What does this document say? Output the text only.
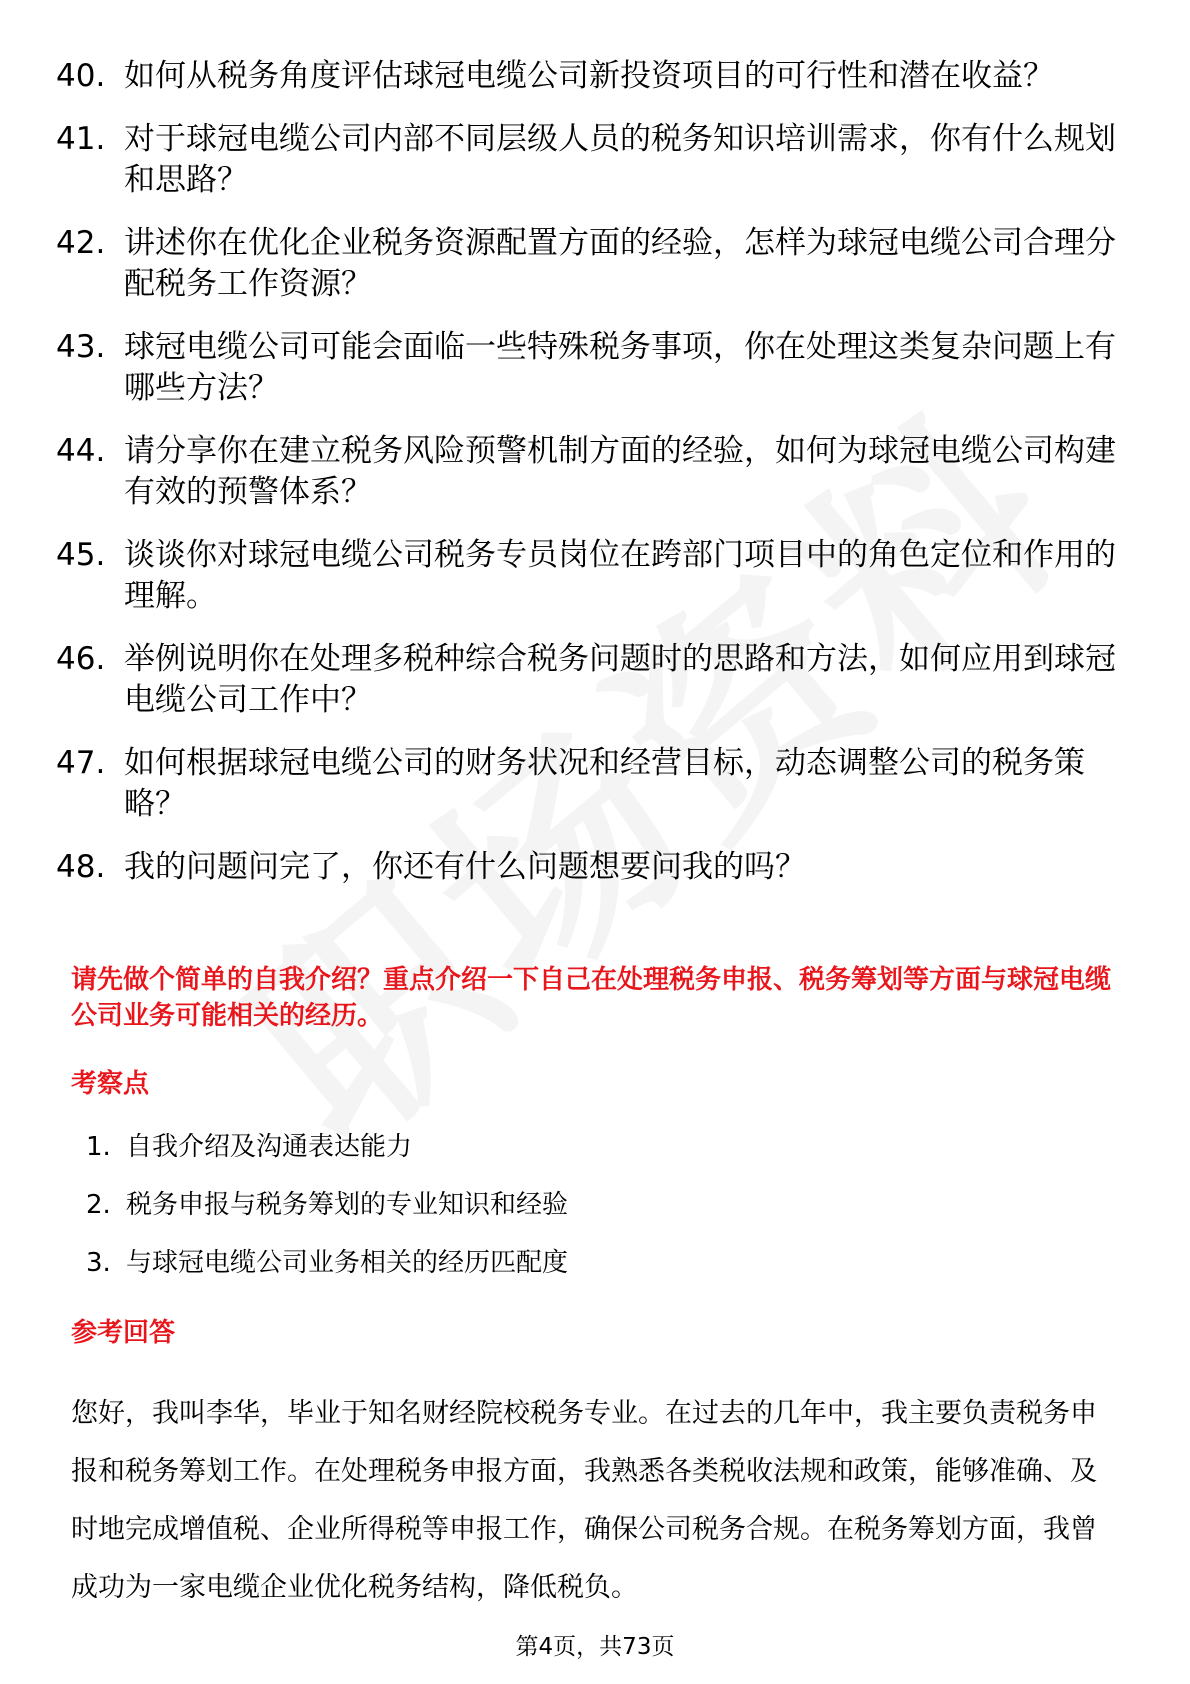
40. 如何从税务角度评估球冠电缆公司新投资项目的可行性和潜在收益？
41. 对于球冠电缆公司内部不同层级人员的税务知识培训需求，你有什么规划和思路？
42. 讲述你在优化企业税务资源配置方面的经验，怎样为球冠电缆公司合理分配税务工作资源？
43. 球冠电缆公司可能会面临一些特殊税务事项，你在处理这类复杂问题上有哪些方法？
44. 请分享你在建立税务风险预警机制方面的经验，如何为球冠电缆公司构建有效的预警体系？
45. 谈谈你对球冠电缆公司税务专员岗位在跨部门项目中的角色定位和作用的理解。
46. 举例说明你在处理多税种综合税务问题时的思路和方法，如何应用到球冠电缆公司工作中？
47. 如何根据球冠电缆公司的财务状况和经营目标，动态调整公司的税务策略？
48. 我的问题问完了，你还有什么问题想要问我的吗？
请先做个简单的自我介绍？重点介绍一下自己在处理税务申报、税务筹划等方面与球冠电缆公司业务可能相关的经历。
考察点
1. 自我介绍及沟通表达能力
2. 税务申报与税务筹划的专业知识和经验
3. 与球冠电缆公司业务相关的经历匹配度
参考回答
您好，我叫李华，毕业于知名财经院校税务专业。在过去的几年中，我主要负责税务申报和税务筹划工作。在处理税务申报方面，我熟悉各类税收法规和政策，能够准确、及时地完成增值税、企业所得税等申报工作，确保公司税务合规。在税务筹划方面，我曾成功为一家电缆企业优化税务结构，降低税负。
第4页，共73页
